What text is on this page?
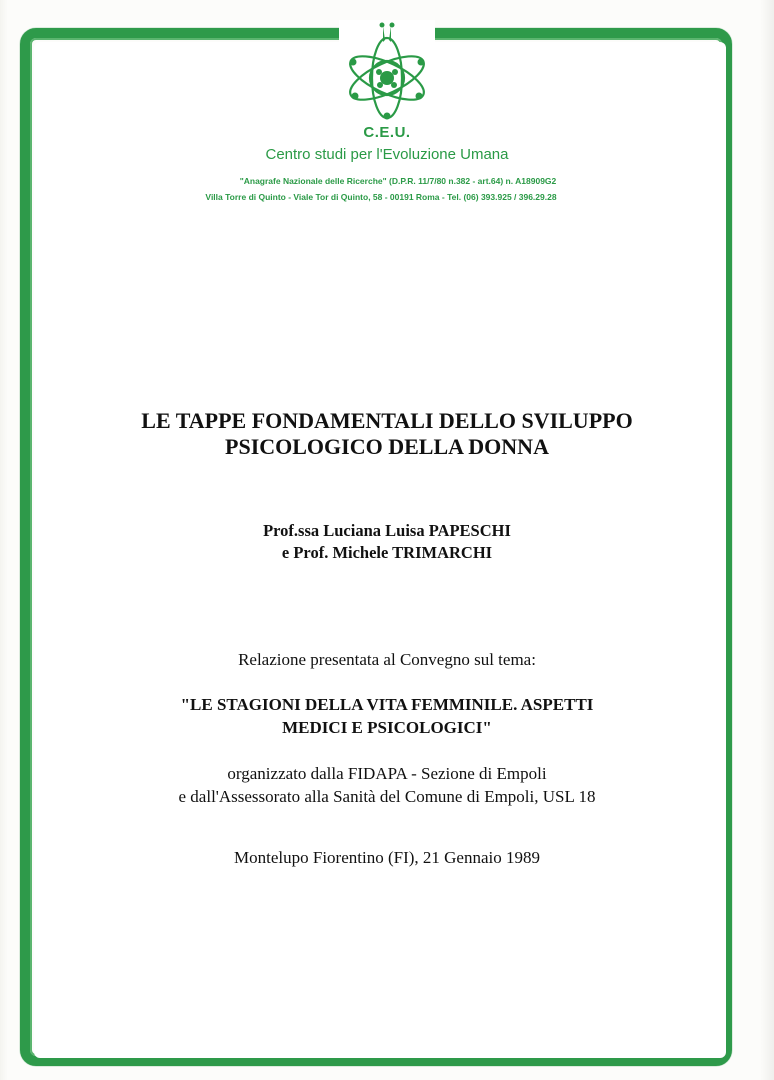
C.E.U.
Centro studi per l'Evoluzione Umana
"Anagrafe Nazionale delle Ricerche" (D.P.R. 11/7/80 n.382 - art.64) n. A18909G2
Villa Torre di Quinto - Viale Tor di Quinto, 58 - 00191 Roma - Tel. (06) 393.925 / 396.29.28
LE TAPPE FONDAMENTALI DELLO SVILUPPO
PSICOLOGICO DELLA DONNA
Prof.ssa Luciana Luisa PAPESCHI
e Prof. Michele TRIMARCHI
Relazione presentata al Convegno sul tema:
"LE STAGIONI DELLA VITA FEMMINILE. ASPETTI
MEDICI E PSICOLOGICI"
organizzato dalla FIDAPA - Sezione di Empoli
e dall'Assessorato alla Sanità del Comune di Empoli, USL 18
Montelupo Fiorentino (FI), 21 Gennaio 1989
